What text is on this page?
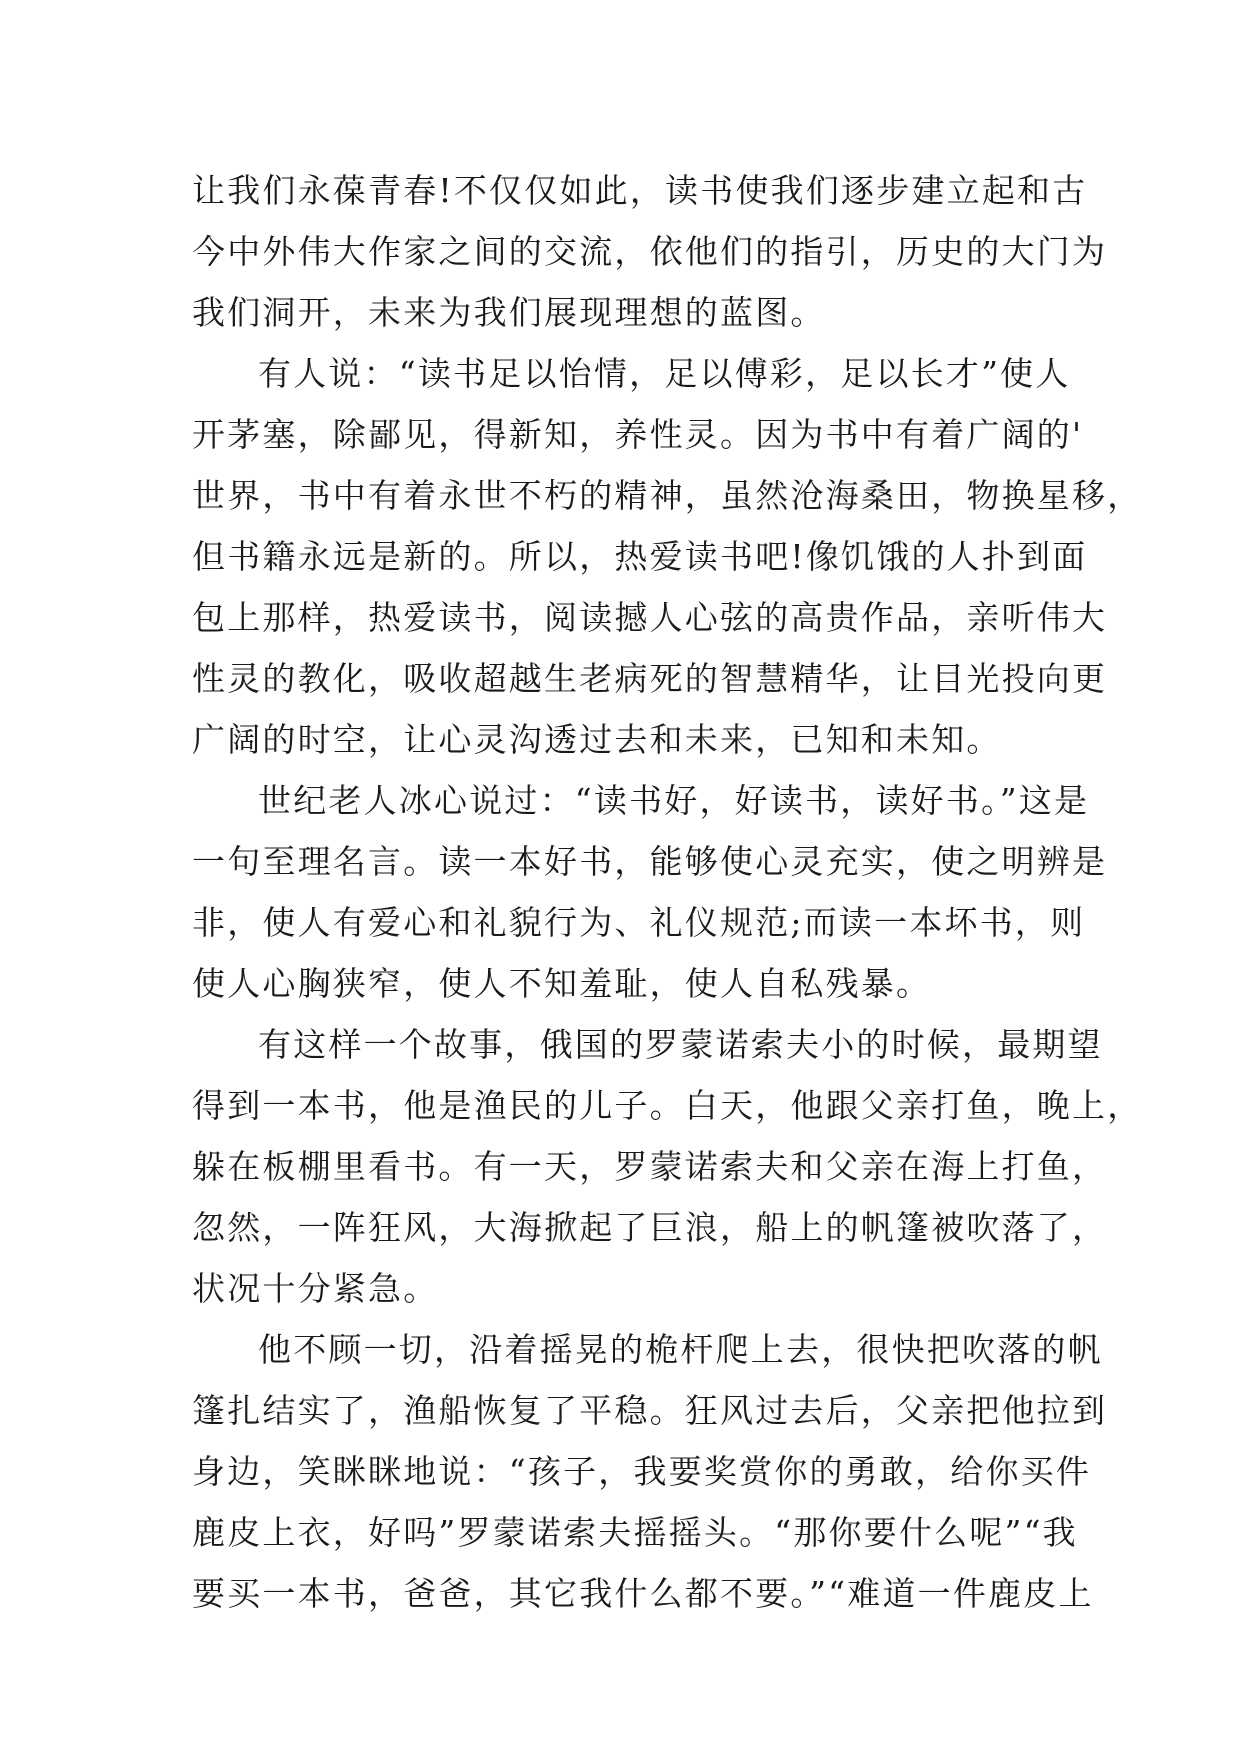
让我们永葆青春!不仅仅如此，读书使我们逐步建立起和古
今中外伟大作家之间的交流，依他们的指引，历史的大门为
我们洞开，未来为我们展现理想的蓝图。
有人说：“读书足以怡情，足以傅彩，足以长才”使人
开茅塞，除鄙见，得新知，养性灵。因为书中有着广阔的'
世界，书中有着永世不朽的精神，虽然沧海桑田，物换星移，
但书籍永远是新的。所以，热爱读书吧!像饥饿的人扑到面
包上那样，热爱读书，阅读撼人心弦的高贵作品，亲听伟大
性灵的教化，吸收超越生老病死的智慧精华，让目光投向更
广阔的时空，让心灵沟透过去和未来，已知和未知。
世纪老人冰心说过：“读书好，好读书，读好书。”这是
一句至理名言。读一本好书，能够使心灵充实，使之明辨是
非，使人有爱心和礼貌行为、礼仪规范;而读一本坏书，则
使人心胸狭窄，使人不知羞耻，使人自私残暴。
有这样一个故事，俄国的罗蒙诺索夫小的时候，最期望
得到一本书，他是渔民的儿子。白天，他跟父亲打鱼，晚上，
躲在板棚里看书。有一天，罗蒙诺索夫和父亲在海上打鱼，
忽然，一阵狂风，大海掀起了巨浪，船上的帆篷被吹落了，
状况十分紧急。
他不顾一切，沿着摇晃的桅杆爬上去，很快把吹落的帆
篷扎结实了，渔船恢复了平稳。狂风过去后，父亲把他拉到
身边，笑眯眯地说：“孩子，我要奖赏你的勇敢，给你买件
鹿皮上衣，好吗”罗蒙诺索夫摇摇头。“那你要什么呢”“我
要买一本书，爸爸，其它我什么都不要。”“难道一件鹿皮上
